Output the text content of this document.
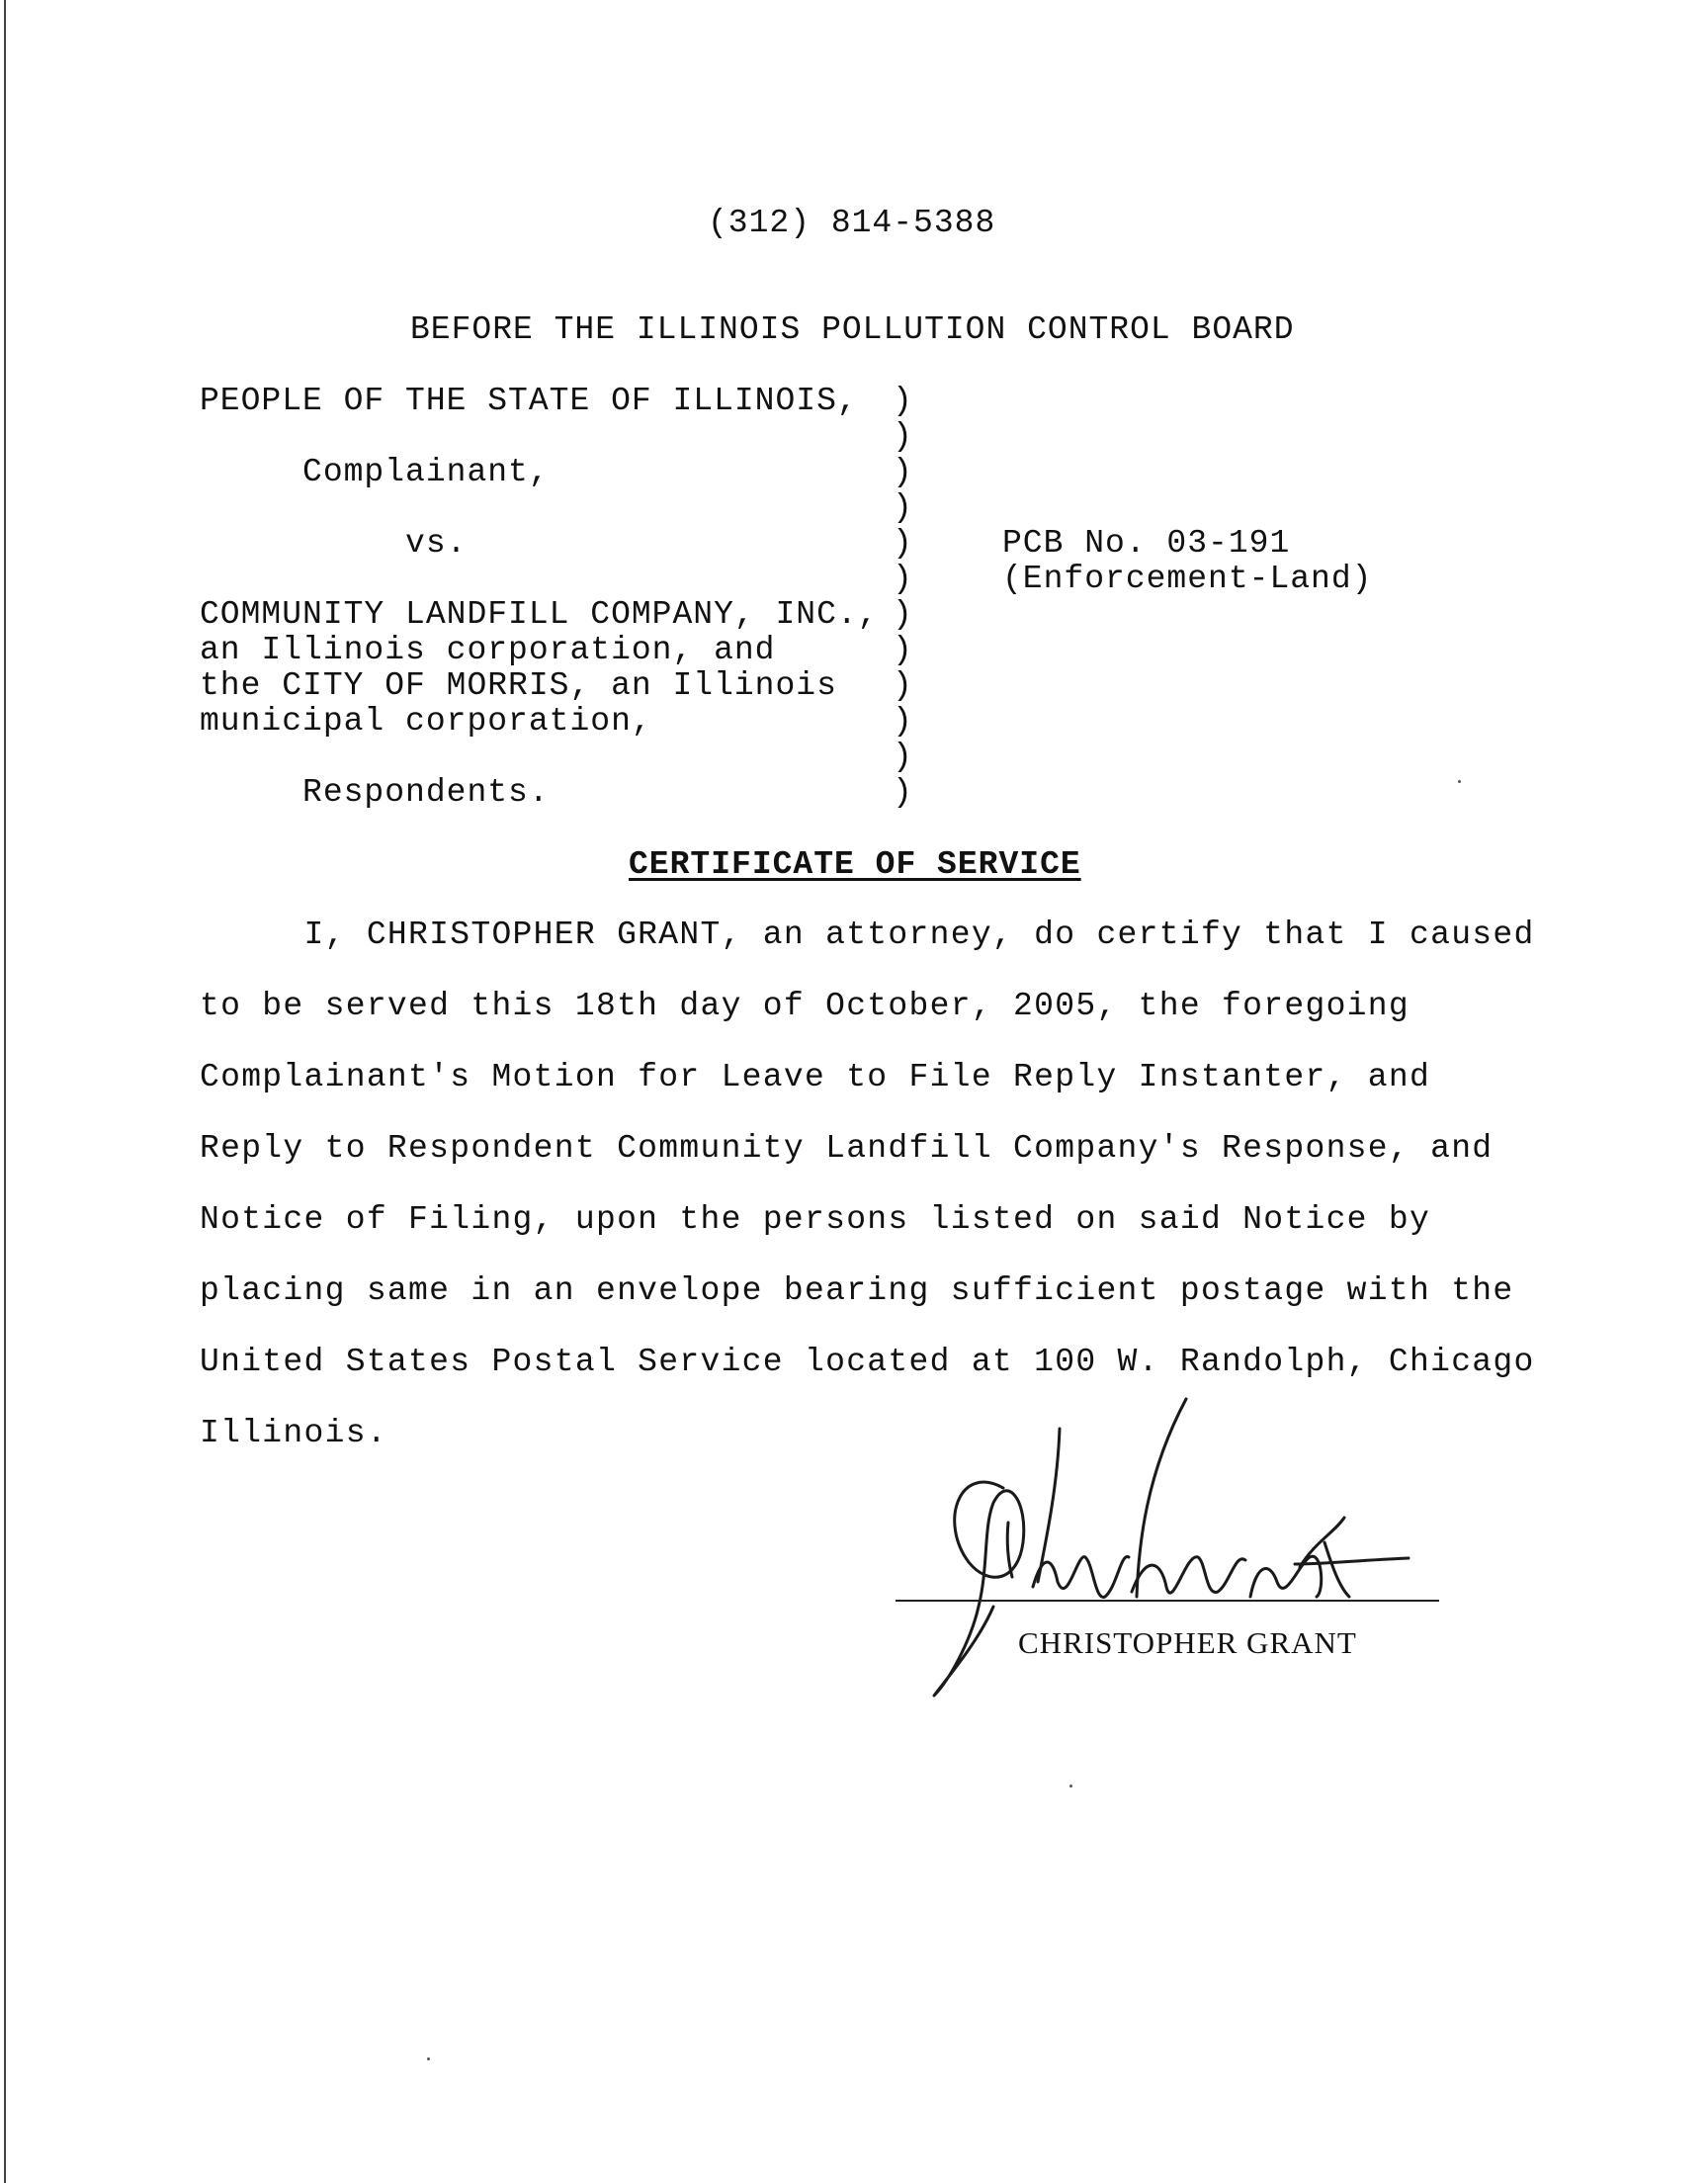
(312) 814-5388
BEFORE THE ILLINOIS POLLUTION CONTROL BOARD
PEOPLE OF THE STATE OF ILLINOIS,
Complainant,
vs.
COMMUNITY LANDFILL COMPANY, INC.,
an Illinois corporation, and
the CITY OF MORRIS, an Illinois
municipal corporation,
Respondents.
)
)
)
)
)
)
)
)
)
)
)
)
PCB No. 03-191
(Enforcement-Land)
CERTIFICATE OF SERVICE
I, CHRISTOPHER GRANT, an attorney, do certify that I caused
to be served this 18th day of October, 2005, the foregoing
Complainant's Motion for Leave to File Reply Instanter, and
Reply to Respondent Community Landfill Company's Response, and
Notice of Filing, upon the persons listed on said Notice by
placing same in an envelope bearing sufficient postage with the
United States Postal Service located at 100 W. Randolph, Chicago
Illinois.
CHRISTOPHER GRANT
